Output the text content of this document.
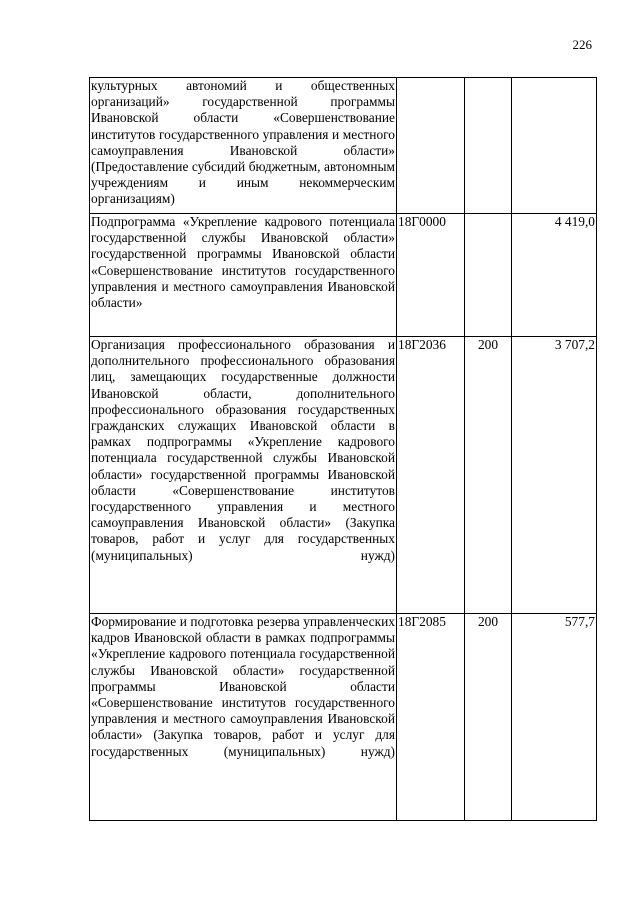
226
культурных автономий и общественных организаций» государственной программы Ивановской области «Совершенствование институтов государственного управления и местного самоуправления Ивановской области» (Предоставление субсидий бюджетным, автономным учреждениям и иным некоммерческим организациям)			
Подпрограмма «Укрепление кадрового потенциала государственной службы Ивановской области» государственной программы Ивановской области «Совершенствование институтов государственного управления и местного самоуправления Ивановской области»	18Г0000		4 419,0
Организация профессионального образования и дополнительного профессионального образования лиц, замещающих государственные должности Ивановской области, дополнительного профессионального образования государственных гражданских служащих Ивановской области в рамках подпрограммы «Укрепление кадрового потенциала государственной службы Ивановской области» государственной программы Ивановской области «Совершенствование институтов государственного управления и местного самоуправления Ивановской области» (Закупка товаров, работ и услуг для государственных (муниципальных) нужд)	18Г2036	200	3 707,2
Формирование и подготовка резерва управленческих кадров Ивановской области в рамках подпрограммы «Укрепление кадрового потенциала государственной службы Ивановской области» государственной программы Ивановской области «Совершенствование институтов государственного управления и местного самоуправления Ивановской области» (Закупка товаров, работ и услуг для государственных (муниципальных) нужд)	18Г2085	200	577,7
